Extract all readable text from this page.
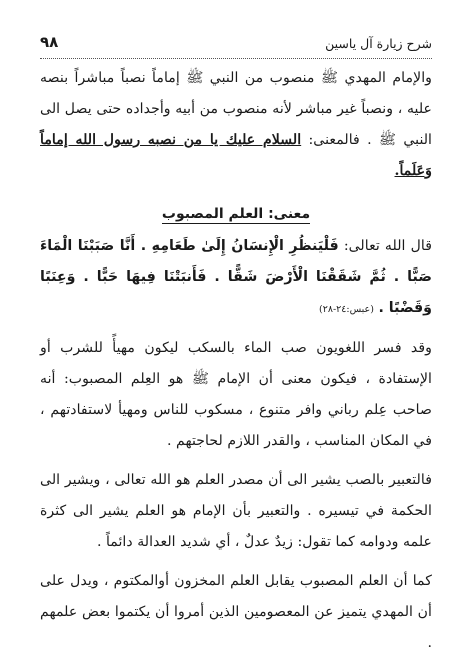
شرح زيارة آل ياسين
٩٨

والإمام المهدي ﷺ منصوب من النبي ﷺ إماماً نصباً مباشراً بنصه عليه ، ونصباً غير مباشر لأنه منصوب من أبيه وأجداده حتى يصل الى النبي ﷺ . فالمعنى: السلام عليك يا من نصبه رسول الله إماماً وَعَلَماً.

معنى: العلم المصبوب

قال الله تعالى: فَلْيَنظُرِ الْإِنسَانُ إِلَىٰ طَعَامِهِ . أَنَّا صَبَبْنَا الْمَاءَ صَبًّا . ثُمَّ شَقَقْنَا الْأَرْضَ شَقًّا . فَأَنبَتْنَا فِيهَا حَبًّا . وَعِنَبًا وَقَضْبًا . (عبس:٢٤-٢٨)

وقد فسر اللغويون صب الماء بالسكب ليكون مهيأً للشرب أو الإستفادة ، فيكون معنى أن الإمام ﷺ هو العِلم المصبوب: أنه صاحب عِلم رباني وافر متنوع ، مسكوب للناس ومهيأ لاستفادتهم ، في المكان المناسب ، والقدر اللازم لحاجتهم .

فالتعبير بالصب يشير الى أن مصدر العلم هو الله تعالى ، ويشير الى الحكمة في تيسيره . والتعبير بأن الإمام هو العلم يشير الى كثرة علمه ودوامه كما تقول: زيدٌ عدلٌ ، أي شديد العدالة دائماً .

كما أن العلم المصبوب يقابل العلم المخزون أوالمكتوم ، ويدل على أن المهدي يتميز عن المعصومين الذين أمروا أن يكتموا بعض علمهم .
